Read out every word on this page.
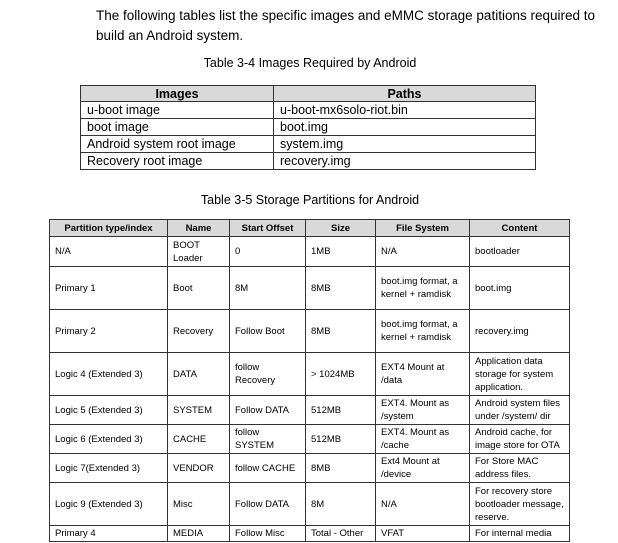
The following tables list the specific images and eMMC storage patitions required to build an Android system.
Table 3-4 Images Required by Android
Images	Paths
u-boot image	u-boot-mx6solo-riot.bin
boot image	boot.img
Android system root image	system.img
Recovery root image	recovery.img
Table 3-5 Storage Partitions for Android
Partition type/index	Name	Start Offset	Size	File System	Content
N/A	BOOT Loader	0	1MB	N/A	bootloader
Primary 1	Boot	8M	8MB	boot.img format, a kernel + ramdisk	boot.img
Primary 2	Recovery	Follow Boot	8MB	boot.img format, a kernel + ramdisk	recovery.img
Logic 4 (Extended 3)	DATA	follow Recovery	> 1024MB	EXT4 Mount at /data	Application data storage for system application.
Logic 5 (Extended 3)	SYSTEM	Follow DATA	512MB	EXT4. Mount as /system	Android system files under /system/ dir
Logic 6 (Extended 3)	CACHE	follow SYSTEM	512MB	EXT4. Mount as /cache	Android cache, for image store for OTA
Logic 7(Extended 3)	VENDOR	follow CACHE	8MB	Ext4 Mount at /device	For Store MAC address files.
Logic 9 (Extended 3)	Misc	Follow DATA	8M	N/A	For recovery store bootloader message, reserve.
Primary 4	MEDIA	Follow Misc	Total - Other	VFAT	For internal media
